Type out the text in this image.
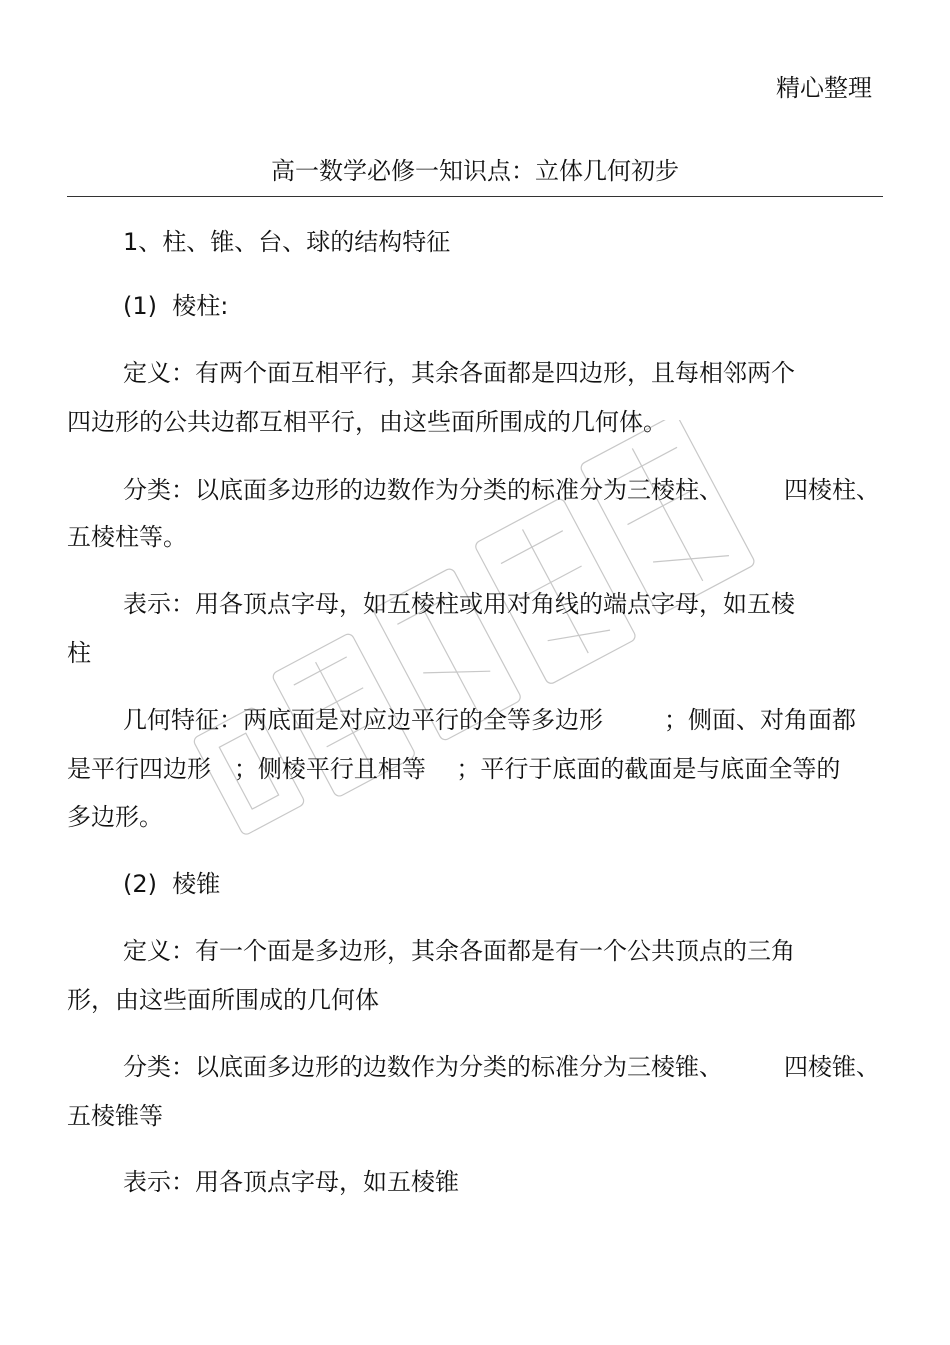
精心整理
高一数学必修一知识点：立体几何初步
1、柱、锥、台、球的结构特征
(1)  棱柱:
定义：有两个面互相平行，其余各面都是四边形，且每相邻两个
四边形的公共边都互相平行，由这些面所围成的几何体。
分类：以底面多边形的边数作为分类的标准分为三棱柱、        四棱柱、
五棱柱等。
表示：用各顶点字母，如五棱柱或用对角线的端点字母，如五棱
柱
几何特征：两底面是对应边平行的全等多边形        ；侧面、对角面都
是平行四边形   ；侧棱平行且相等    ；平行于底面的截面是与底面全等的
多边形。
(2)  棱锥
定义：有一个面是多边形，其余各面都是有一个公共顶点的三角
形，由这些面所围成的几何体
分类：以底面多边形的边数作为分类的标准分为三棱锥、        四棱锥、
五棱锥等
表示：用各顶点字母，如五棱锥
